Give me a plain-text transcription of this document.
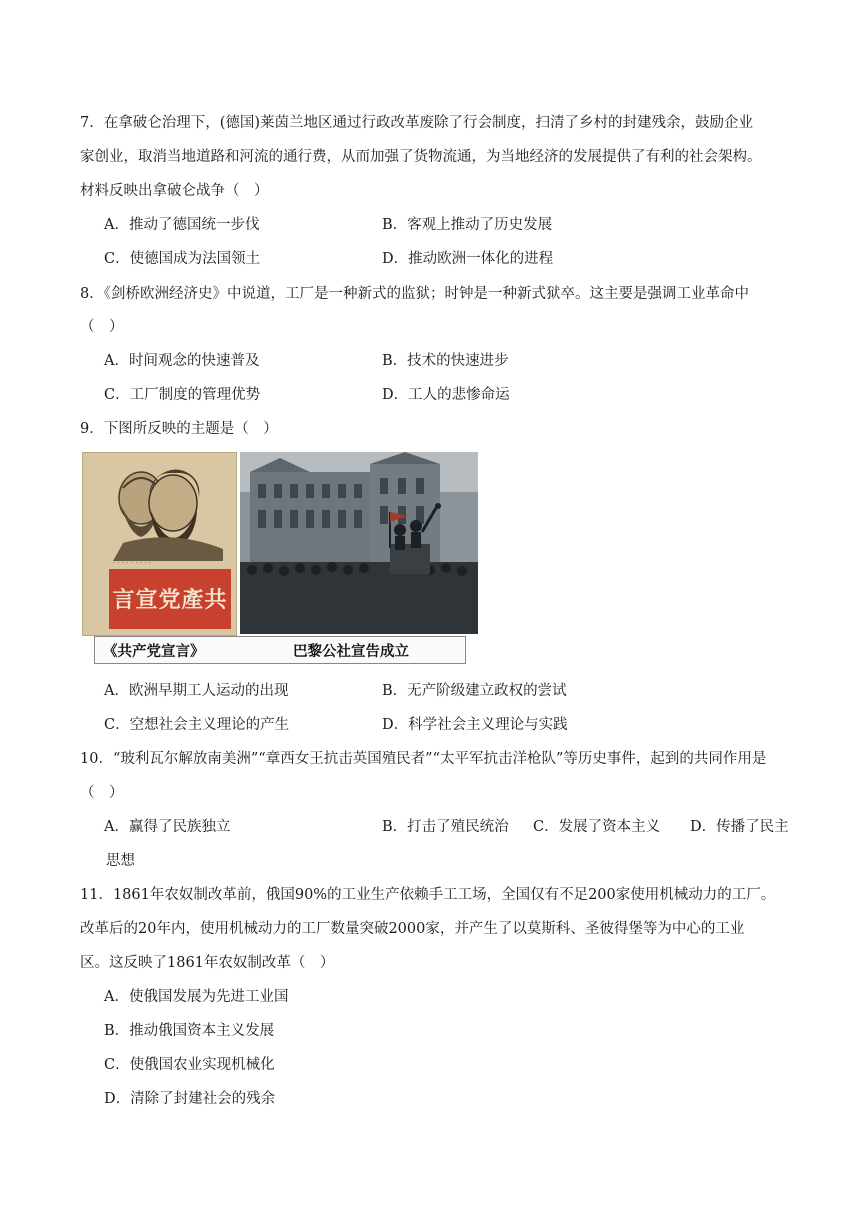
7．在拿破仑治理下，(德国)莱茵兰地区通过行政改革废除了行会制度，扫清了乡村的封建残余，鼓励企业
家创业，取消当地道路和河流的通行费，从而加强了货物流通，为当地经济的发展提供了有利的社会架构。
材料反映出拿破仑战争（　）
A．推动了德国统一步伐	B．客观上推动了历史发展
C．使德国成为法国领土	D．推动欧洲一体化的进程
8．《剑桥欧洲经济史》中说道，工厂是一种新式的监狱；时钟是一种新式狱卒。这主要是强调工业革命中
（　）
A．时间观念的快速普及	B．技术的快速进步
C．工厂制度的管理优势	D．工人的悲惨命运
9．下图所反映的主题是（　）
· · · · · · · · ·
言宣党產共
《共产党宣言》	巴黎公社宣告成立
A．欧洲早期工人运动的出现	B．无产阶级建立政权的尝试
C．空想社会主义理论的产生	D．科学社会主义理论与实践
10．“玻利瓦尔解放南美洲”“章西女王抗击英国殖民者”“太平军抗击洋枪队”等历史事件，起到的共同作用是
（　）
A．赢得了民族独立	B．打击了殖民统治 C．发展了资本主义 D．传播了民主
思想
11．1861年农奴制改革前，俄国90%的工业生产依赖手工工场，全国仅有不足200家使用机械动力的工厂。
改革后的20年内，使用机械动力的工厂数量突破2000家，并产生了以莫斯科、圣彼得堡等为中心的工业
区。这反映了1861年农奴制改革（　）
A．使俄国发展为先进工业国
B．推动俄国资本主义发展
C．使俄国农业实现机械化
D．清除了封建社会的残余
